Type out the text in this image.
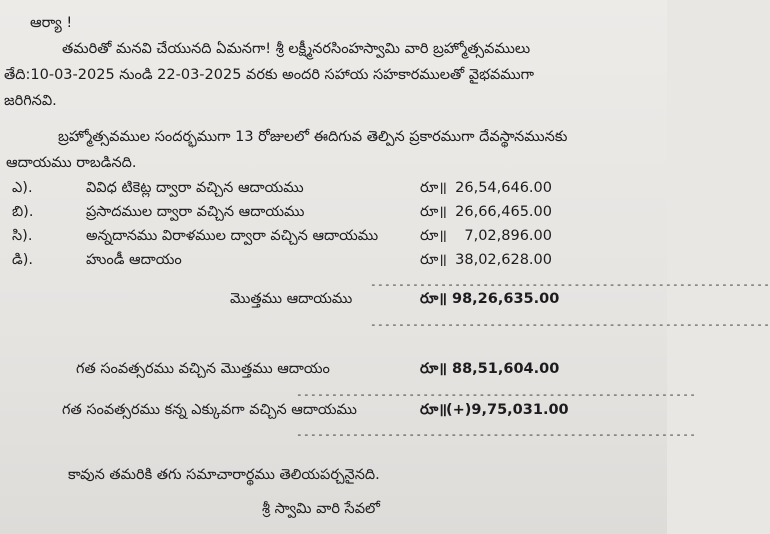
ఆర్యా !
తమరితో మనవి చేయునది ఏమనగా! శ్రీ లక్ష్మీనరసింహస్వామి వారి బ్రహ్మోత్సవములు
తేది:10-03-2025 నుండి 22-03-2025 వరకు అందరి సహాయ సహకారములతో వైభవముగా
జరిగినవి.
బ్రహ్మోత్సవముల సందర్భముగా 13 రోజులలో ఈదిగువ తెల్పిన ప్రకారముగా దేవస్థానమునకు
ఆదాయము రాబడినది.
ఎ).	వివిధ టికెట్ల ద్వారా వచ్చిన ఆదాయము	రూ॥ 26,54,646.00
బి).	ప్రసాదముల ద్వారా వచ్చిన ఆదాయము	రూ॥ 26,66,465.00
సి).	అన్నదానము విరాళముల ద్వారా వచ్చిన ఆదాయము	రూ॥	7,02,896.00
డి).	హుండీ ఆదాయం	రూ॥ 38,02,628.00
---------------------------------------------------------
మొత్తము ఆదాయము	రూ॥ 98,26,635.00
---------------------------------------------------------
గత సంవత్సరము వచ్చిన మొత్తము ఆదాయం	రూ॥ 88,51,604.00
---------------------------------------------------------
గత సంవత్సరము కన్న ఎక్కువగా వచ్చిన ఆదాయము	రూ॥ (+)9,75,031.00
---------------------------------------------------------
కావున తమరికి తగు సమాచారార్థము తెలియపర్చనైనది.
శ్రీ స్వామి వారి సేవలో
